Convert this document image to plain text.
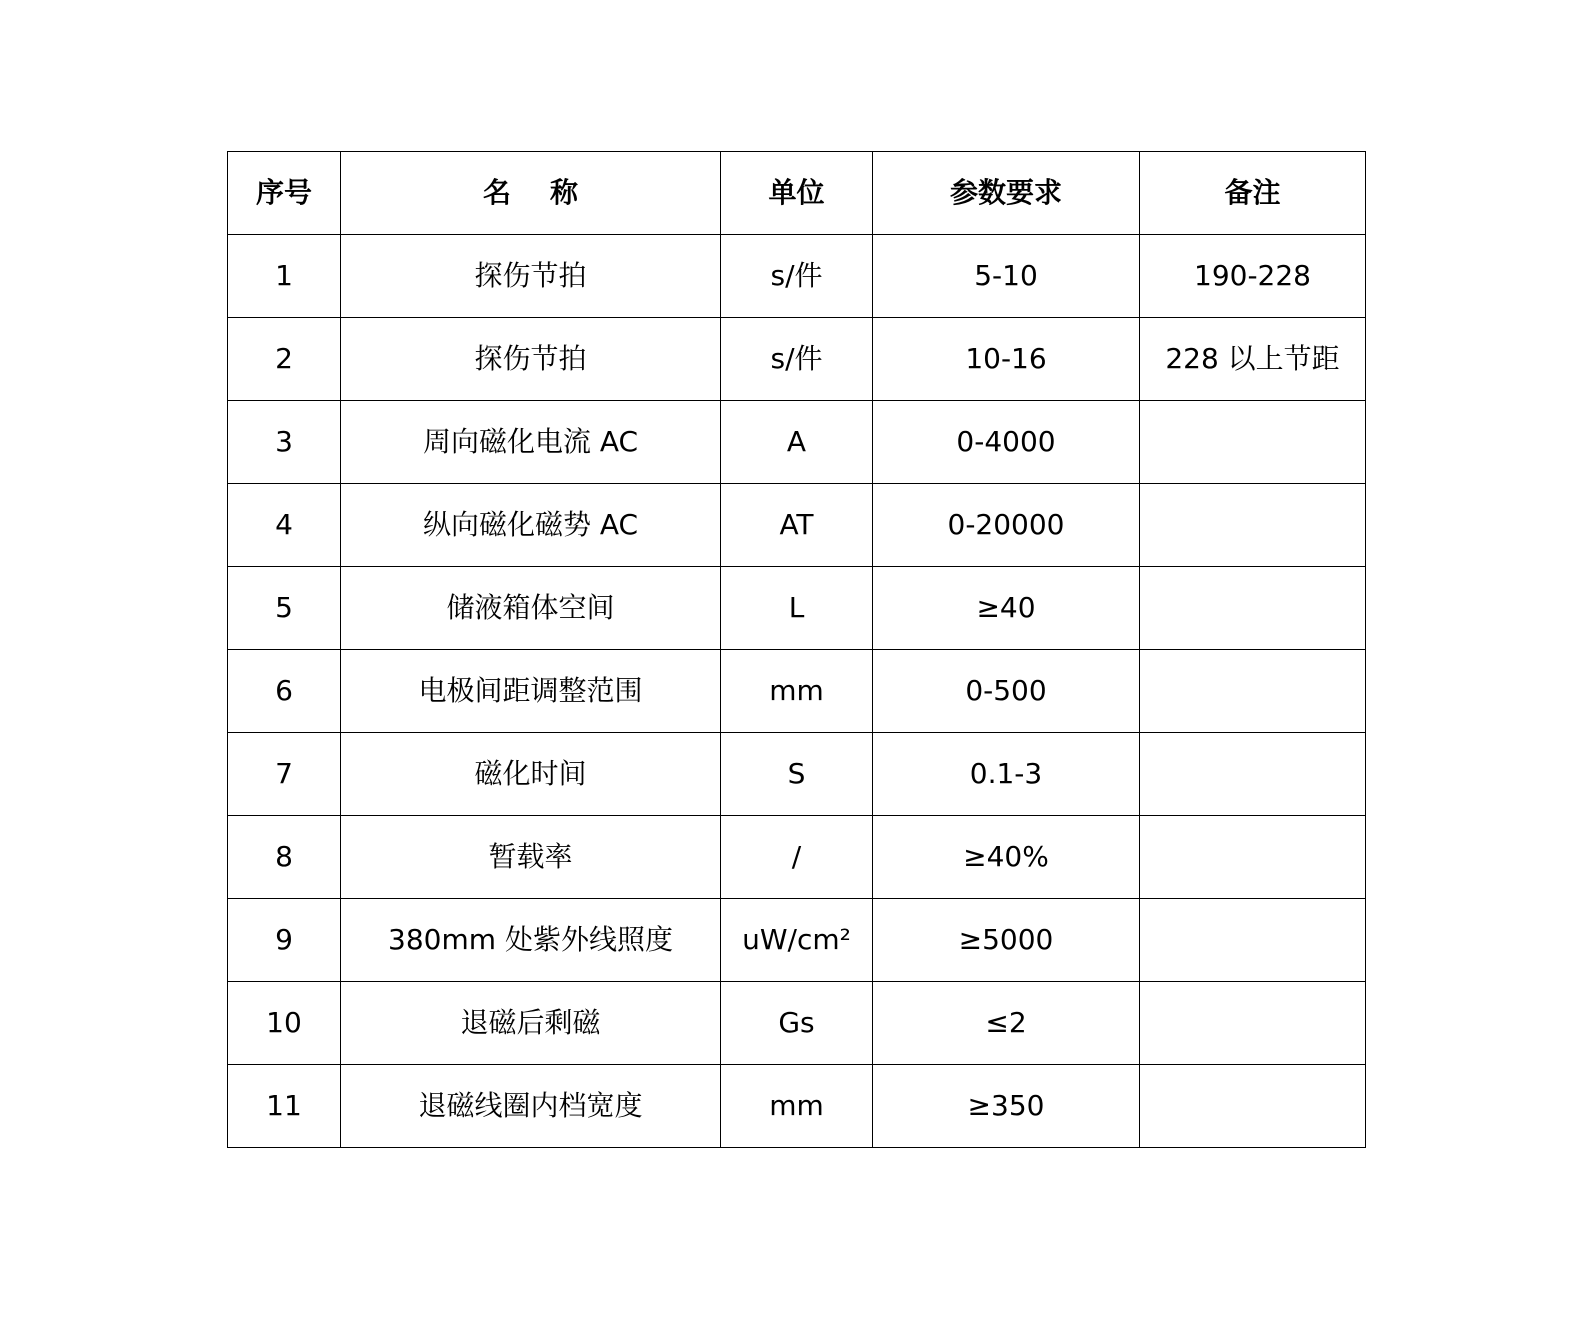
序号	名    称	单位	参数要求	备注
1	探伤节拍	s/件	5-10	190-228
2	探伤节拍	s/件	10-16	228 以上节距
3	周向磁化电流 AC	A	0-4000	
4	纵向磁化磁势 AC	AT	0-20000	
5	储液箱体空间	L	≥40	
6	电极间距调整范围	mm	0-500	
7	磁化时间	S	0.1-3	
8	暂载率	/	≥40%	
9	380mm 处紫外线照度	uW/cm²	≥5000	
10	退磁后剩磁	Gs	≤2	
11	退磁线圈内档宽度	mm	≥350	
